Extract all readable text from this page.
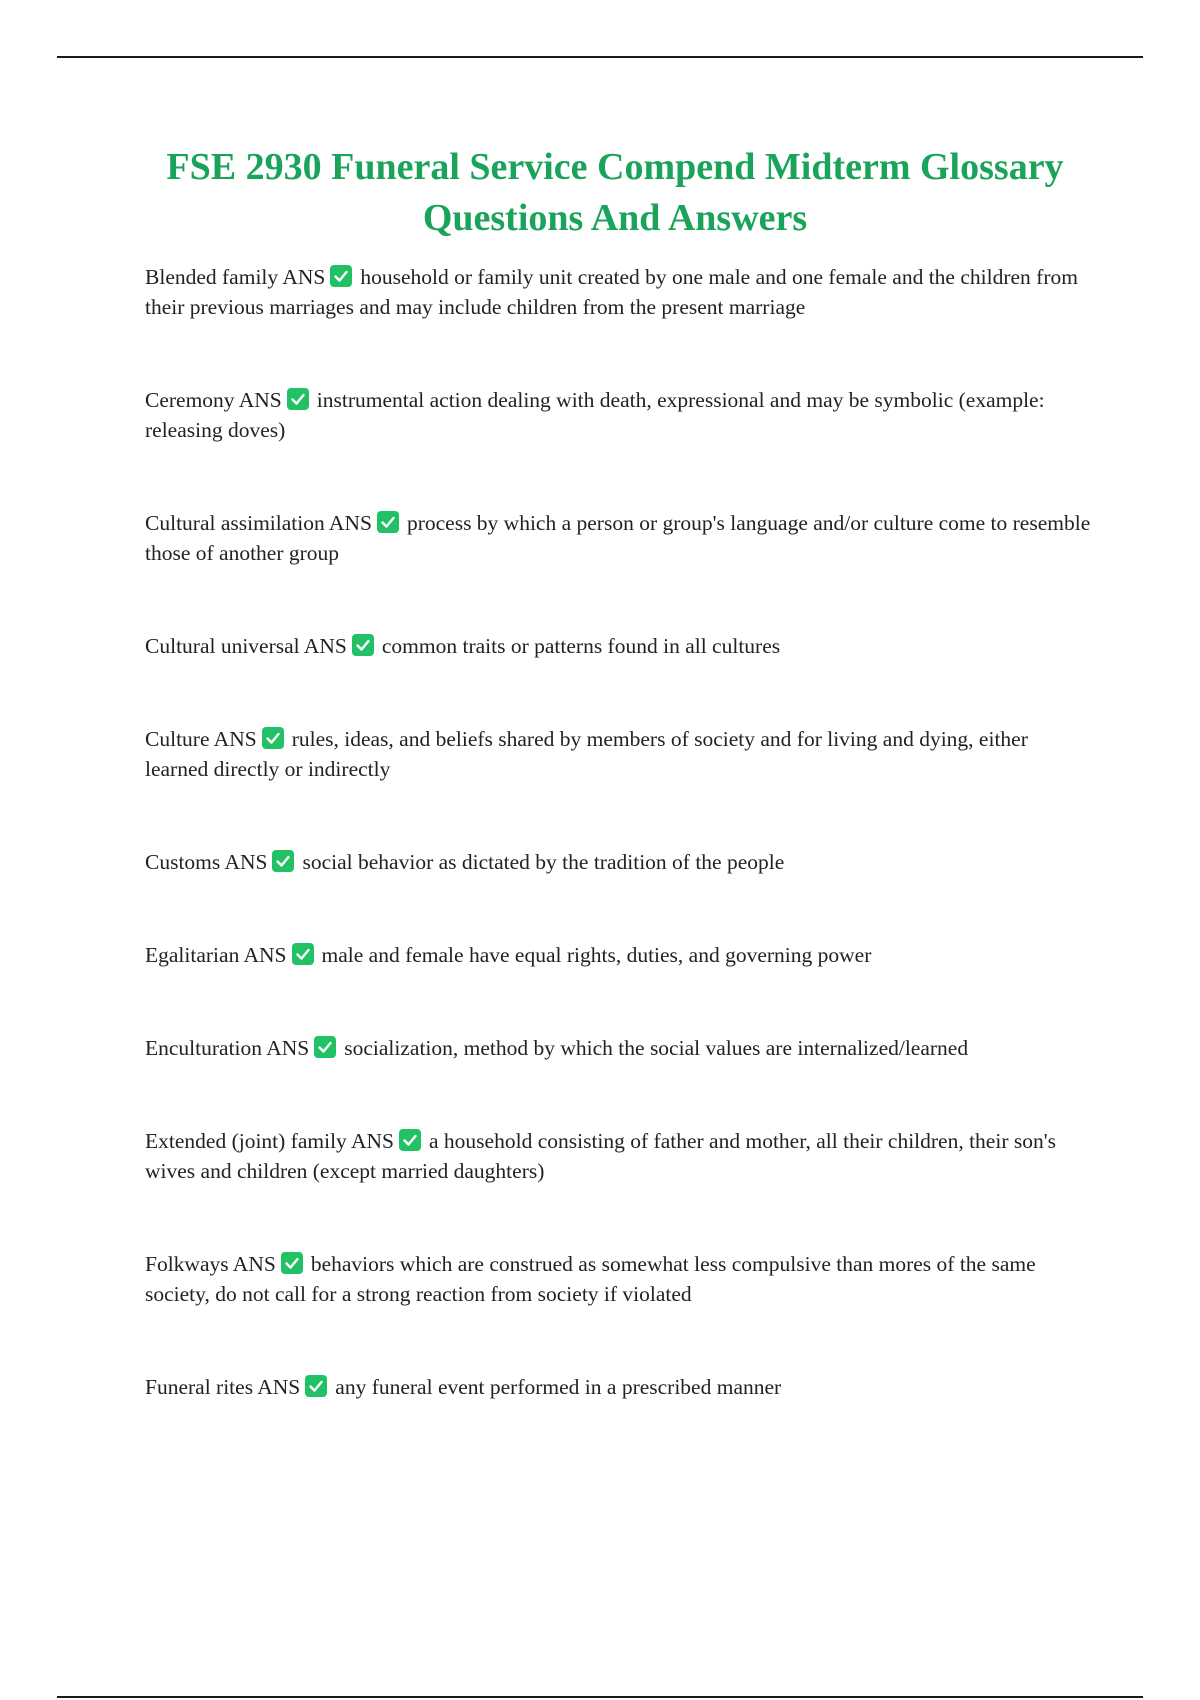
FSE 2930 Funeral Service Compend Midterm Glossary Questions And Answers
Blended family ANS household or family unit created by one male and one female and the children from their previous marriages and may include children from the present marriage
Ceremony ANS instrumental action dealing with death, expressional and may be symbolic (example: releasing doves)
Cultural assimilation ANS process by which a person or group's language and/or culture come to resemble those of another group
Cultural universal ANS common traits or patterns found in all cultures
Culture ANS rules, ideas, and beliefs shared by members of society and for living and dying, either learned directly or indirectly
Customs ANS social behavior as dictated by the tradition of the people
Egalitarian ANS male and female have equal rights, duties, and governing power
Enculturation ANS socialization, method by which the social values are internalized/learned
Extended (joint) family ANS a household consisting of father and mother, all their children, their son's wives and children (except married daughters)
Folkways ANS behaviors which are construed as somewhat less compulsive than mores of the same society, do not call for a strong reaction from society if violated
Funeral rites ANS any funeral event performed in a prescribed manner
